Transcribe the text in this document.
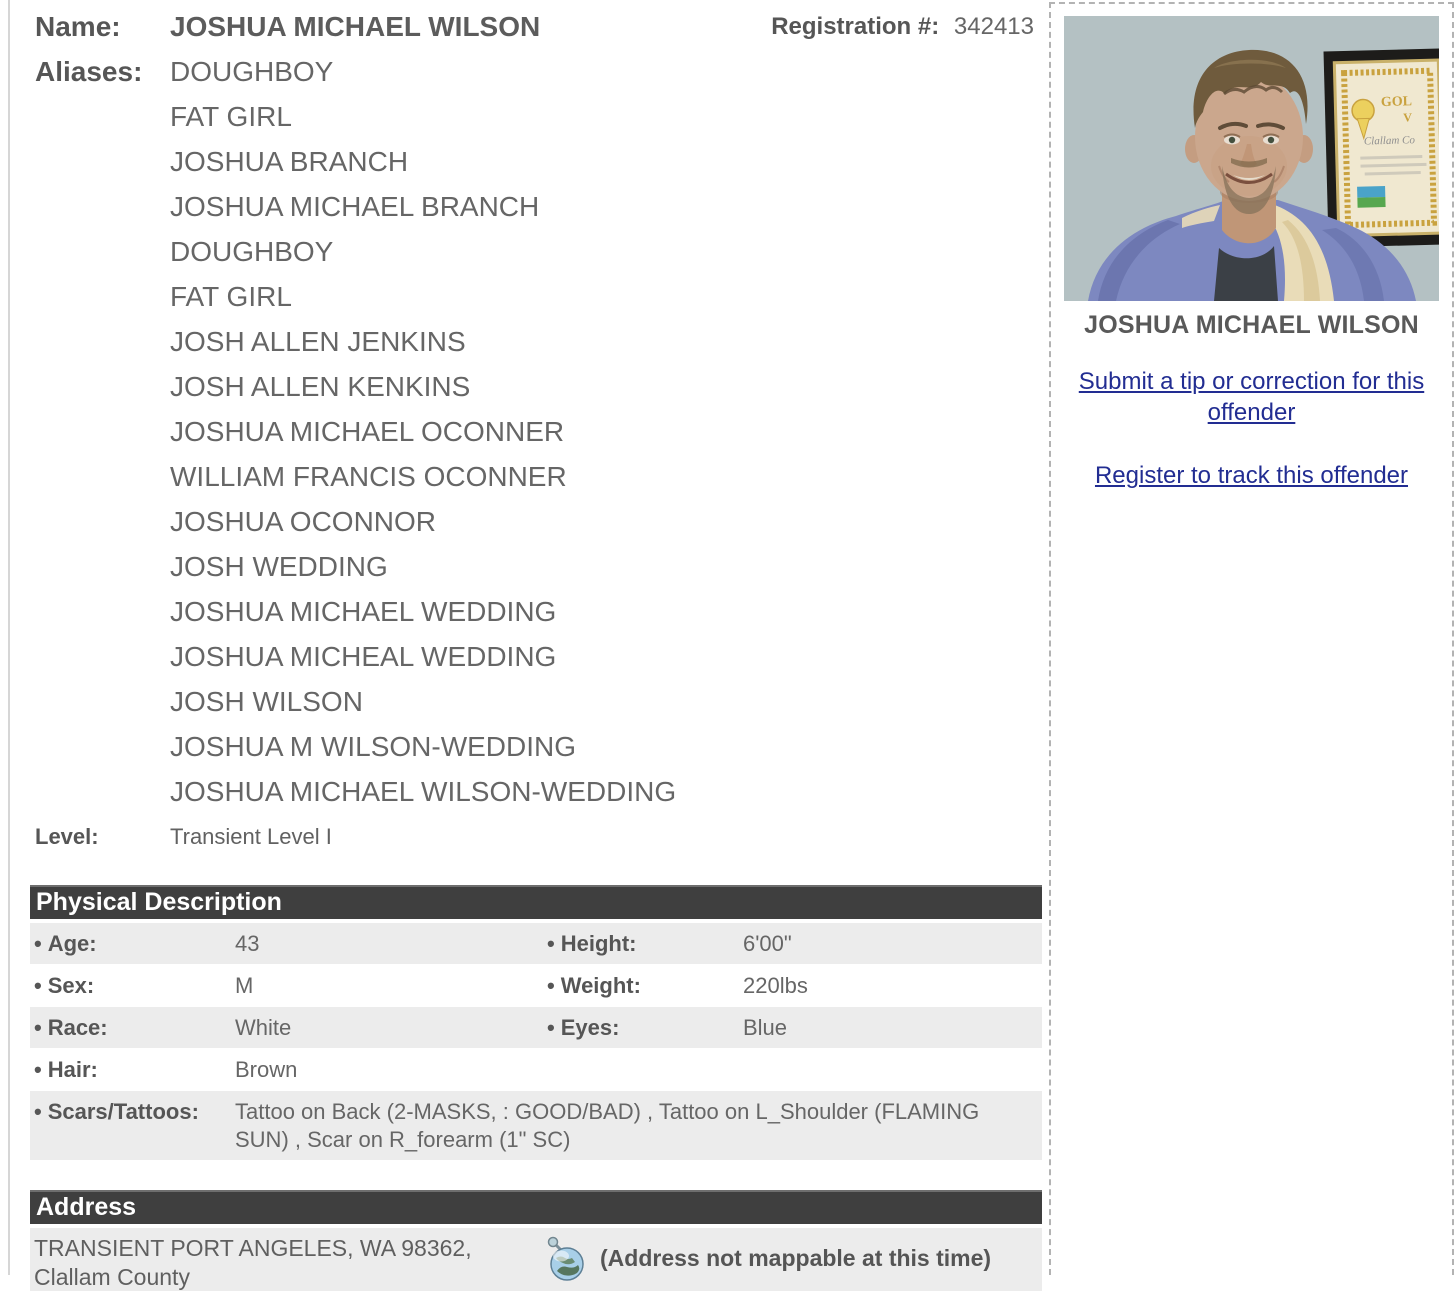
Name:	JOSHUA MICHAEL WILSON	Registration #: 342413
Aliases: DOUGHBOY
FAT GIRL
JOSHUA BRANCH
JOSHUA MICHAEL BRANCH
DOUGHBOY
FAT GIRL
JOSH ALLEN JENKINS
JOSH ALLEN KENKINS
JOSHUA MICHAEL OCONNER
WILLIAM FRANCIS OCONNER
JOSHUA OCONNOR
JOSH WEDDING
JOSHUA MICHAEL WEDDING
JOSHUA MICHEAL WEDDING
JOSH WILSON
JOSHUA M WILSON-WEDDING
JOSHUA MICHAEL WILSON-WEDDING
Level:	Transient Level I
Physical Description
• Age:	43	• Height:	6'00"
• Sex:	M	• Weight:	220lbs
• Race:	White	• Eyes:	Blue
• Hair:	Brown
• Scars/Tattoos:	Tattoo on Back (2-MASKS, : GOOD/BAD) , Tattoo on L_Shoulder (FLAMING SUN) , Scar on R_forearm (1" SC)
Address
TRANSIENT PORT ANGELES, WA 98362, Clallam County
(Address not mappable at this time)
GOL
V
Clallam Co
JOSHUA MICHAEL WILSON
Submit a tip or correction for this offender
Register to track this offender
